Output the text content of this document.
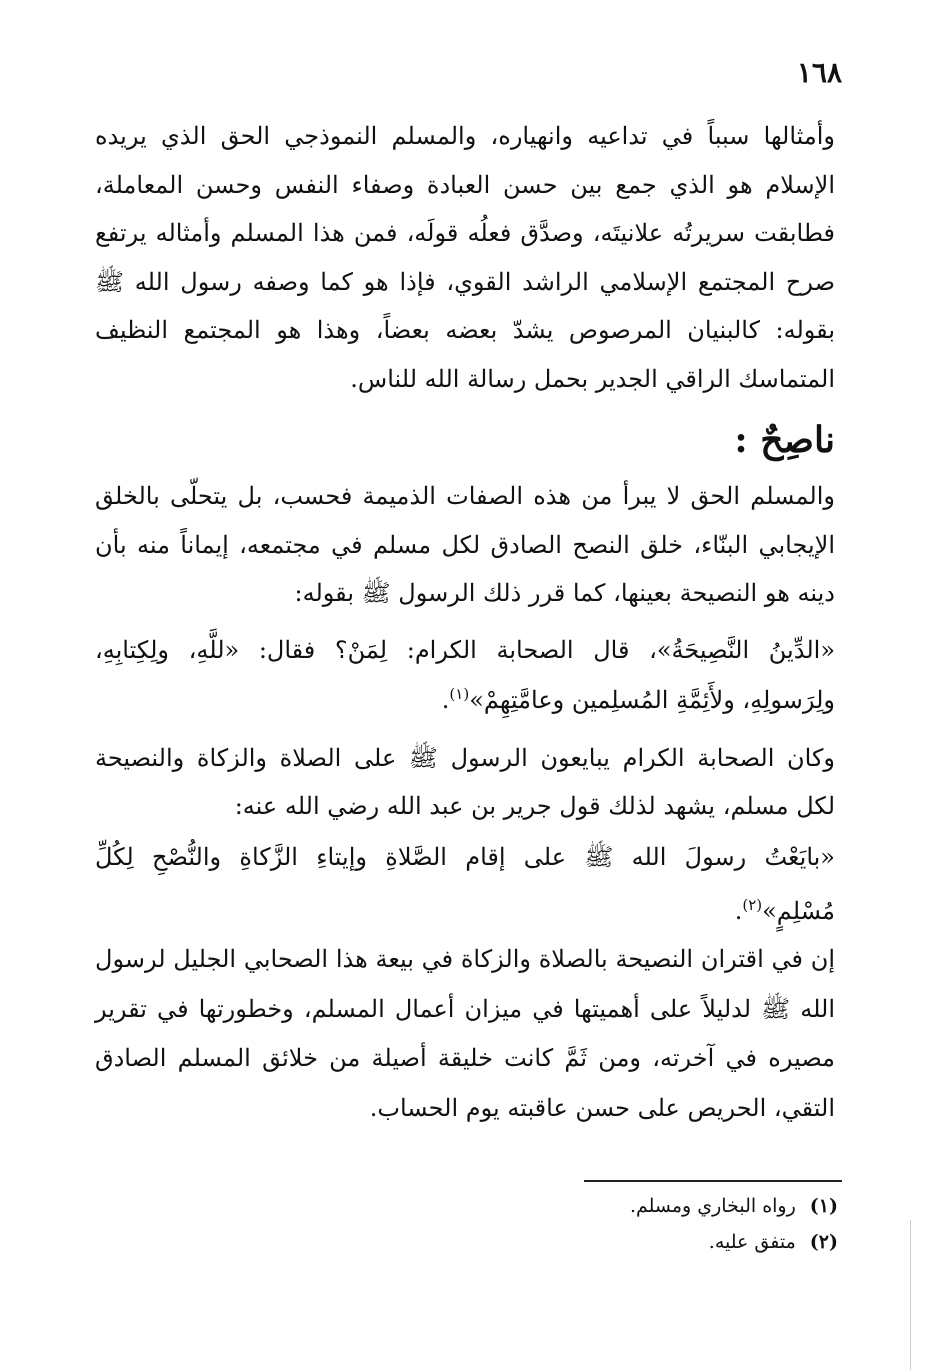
١٦٨

وأمثالها سبباً في تداعيه وانهياره، والمسلم النموذجي الحق الذي يريده الإسلام هو الذي جمع بين حسن العبادة وصفاء النفس وحسن المعاملة، فطابقت سريرتُه علانيتَه، وصدَّق فعلُه قولَه، فمن هذا المسلم وأمثاله يرتفع صرح المجتمع الإسلامي الراشد القوي، فإذا هو كما وصفه رسول الله ﷺ بقوله: كالبنيان المرصوص يشدّ بعضه بعضاً، وهذا هو المجتمع النظيف المتماسك الراقي الجدير بحمل رسالة الله للناس.

ناصِحٌ :

والمسلم الحق لا يبرأ من هذه الصفات الذميمة فحسب، بل يتحلّى بالخلق الإيجابي البنّاء، خلق النصح الصادق لكل مسلم في مجتمعه، إيماناً منه بأن دينه هو النصيحة بعينها، كما قرر ذلك الرسول ﷺ بقوله:

«الدِّينُ النَّصِيحَةُ»، قال الصحابة الكرام: لِمَنْ؟ فقال: «للَّهِ، ولِكِتابِهِ، ولِرَسولِهِ، ولأَئِمَّةِ المُسلِمين وعامَّتِهِمْ»$^{(١)}$.

وكان الصحابة الكرام يبايعون الرسول ﷺ على الصلاة والزكاة والنصيحة لكل مسلم، يشهد لذلك قول جرير بن عبد الله رضي الله عنه:

«بايَعْتُ رسولَ الله ﷺ على إقام الصَّلاةِ وإيتاءِ الزَّكاةِ والنُّصْحِ لِكُلِّ مُسْلِمٍ»$^{(٢)}$.

إن في اقتران النصيحة بالصلاة والزكاة في بيعة هذا الصحابي الجليل لرسول الله ﷺ لدليلاً على أهميتها في ميزان أعمال المسلم، وخطورتها في تقرير مصيره في آخرته، ومن ثَمَّ كانت خليقة أصيلة من خلائق المسلم الصادق التقي، الحريص على حسن عاقبته يوم الحساب.

(١)رواه البخاري ومسلم.
(٢)متفق عليه.
